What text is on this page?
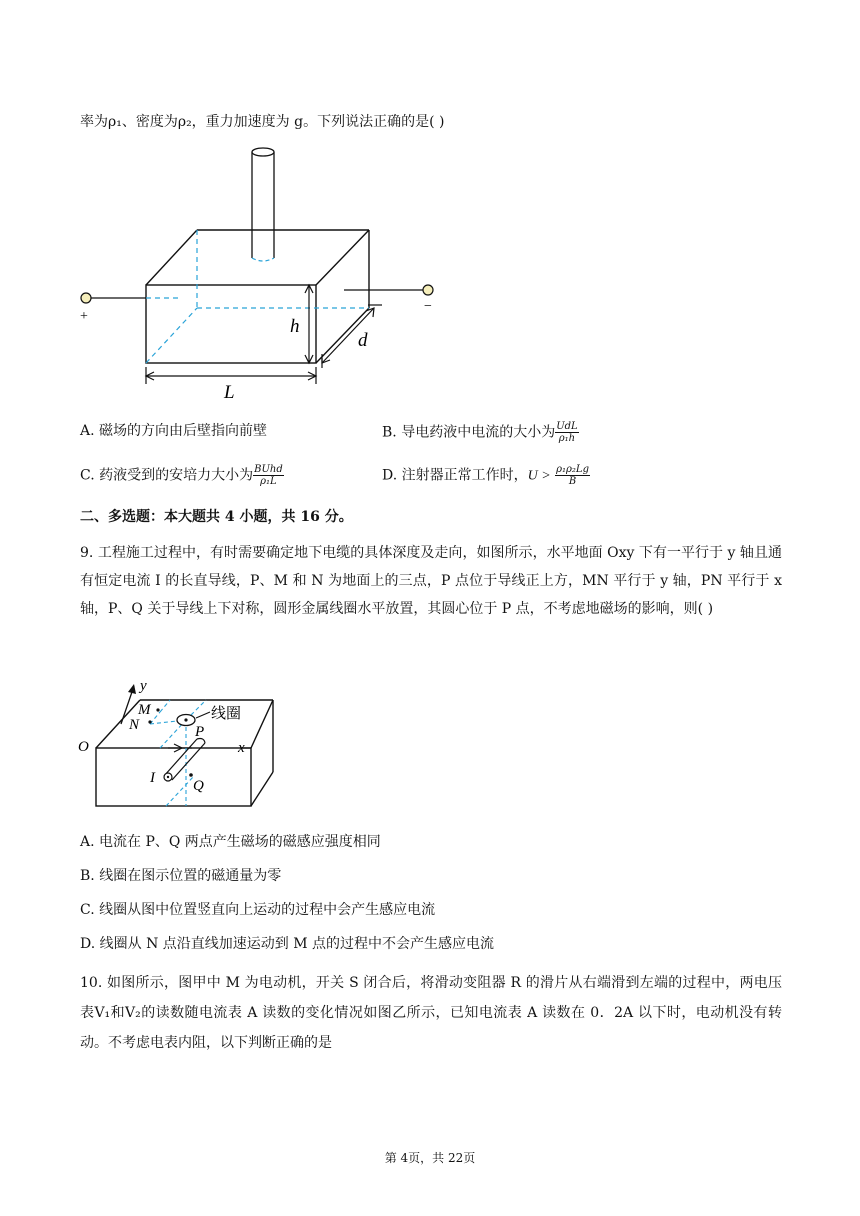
率为ρ₁、密度为ρ₂，重力加速度为 g。下列说法正确的是( )
+
−
h
d
L
A. 磁场的方向由后壁指向前壁	B. 导电药液中电流的大小为 $\frac{\text{UdL}}{\text{ρ₁h}}$
C. 药液受到的安培力大小为 $\frac{\text{BUhd}}{\text{ρ₁L}}$	D. 注射器正常工作时，$U > \frac{\text{ρ₁ρ₂Lg}}{B}$
二、多选题：本大题共 4 小题，共 16 分。
9. 工程施工过程中，有时需要确定地下电缆的具体深度及走向，如图所示，水平地面 Oxy 下有一平行于 y 轴且通有恒定电流 I 的长直导线，P、M 和 N 为地面上的三点，P 点位于导线正上方，MN 平行于 y 轴，PN 平行于 x 轴，P、Q 关于导线上下对称，圆形金属线圈水平放置，其圆心位于 P 点，不考虑地磁场的影响，则( )
y
x
O
I	Q
线圈
P
M
N
A. 电流在 P、Q 两点产生磁场的磁感应强度相同
B. 线圈在图示位置的磁通量为零
C. 线圈从图中位置竖直向上运动的过程中会产生感应电流
D. 线圈从 N 点沿直线加速运动到 M 点的过程中不会产生感应电流
10. 如图所示，图甲中 M 为电动机，开关 S 闭合后，将滑动变阻器 R 的滑片从右端滑到左端的过程中，两电压表V₁和V₂的读数随电流表 A 读数的变化情况如图乙所示，已知电流表 A 读数在 0．2A 以下时，电动机没有转动。不考虑电表内阻，以下判断正确的是
第 4页，共 22页
